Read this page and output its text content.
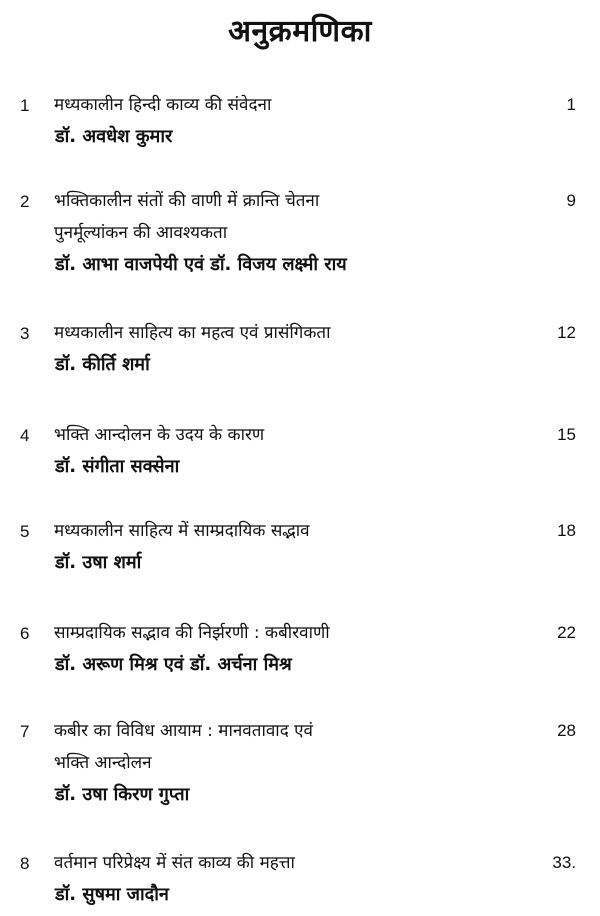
अनुक्रमणिका
1 मध्यकालीन हिन्दी काव्य की संवेदना
डॉ. अवधेश कुमार
1
2 भक्तिकालीन संतों की वाणी में क्रान्ति चेतना
पुनर्मूल्यांकन की आवश्यकता
डॉ. आभा वाजपेयी एवं डॉ. विजय लक्ष्मी राय
9
3 मध्यकालीन साहित्य का महत्व एवं प्रासंगिकता
डॉ. कीर्ति शर्मा
12
4 भक्ति आन्दोलन के उदय के कारण
डॉ. संगीता सक्सेना
15
5 मध्यकालीन साहित्य में साम्प्रदायिक सद्भाव
डॉ. उषा शर्मा
18
6 साम्प्रदायिक सद्भाव की निर्झरणी : कबीरवाणी
डॉ. अरूण मिश्र एवं डॉ. अर्चना मिश्र
22
7 कबीर का विविध आयाम : मानवतावाद एवं
भक्ति आन्दोलन
डॉ. उषा किरण गुप्ता
28
8 वर्तमान परिप्रेक्ष्य में संत काव्य की महत्ता
डॉ. सुषमा जादौन
33.
